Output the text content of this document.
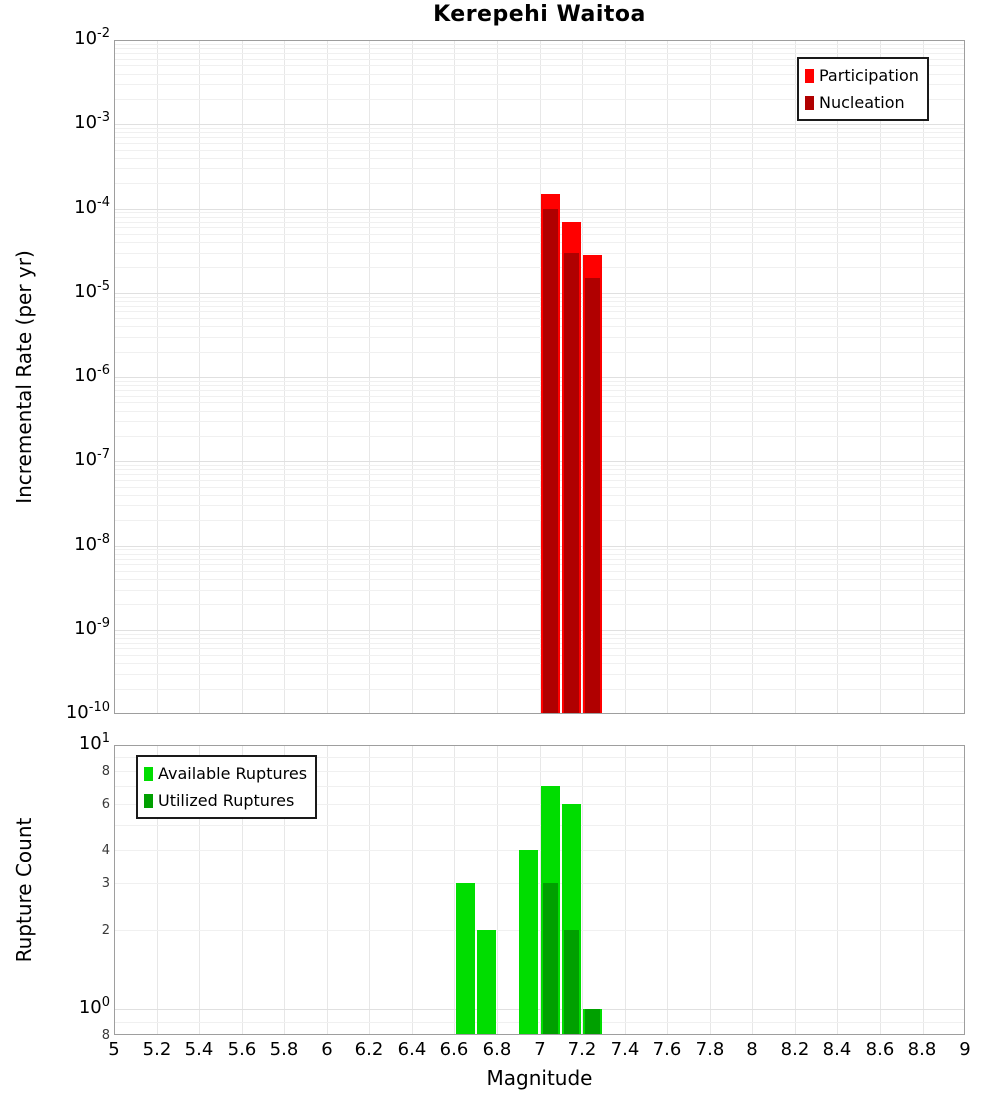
Kerepehi Waitoa
Incremental Rate (per yr)
Rupture Count
Magnitude
Participation
Nucleation
Available Ruptures
Utilized Ruptures
$10^{-2}$
$10^{-3}$
$10^{-4}$
$10^{-5}$
$10^{-6}$
$10^{-7}$
$10^{-8}$
$10^{-9}$
$10^{-10}$
$10^1$
8
6
4
3
2
$10^0$
8
5 5.2 5.4 5.6 5.8 6 6.2 6.4 6.6 6.8 7 7.2 7.4 7.6 7.8 8 8.2 8.4 8.6 8.8 9
